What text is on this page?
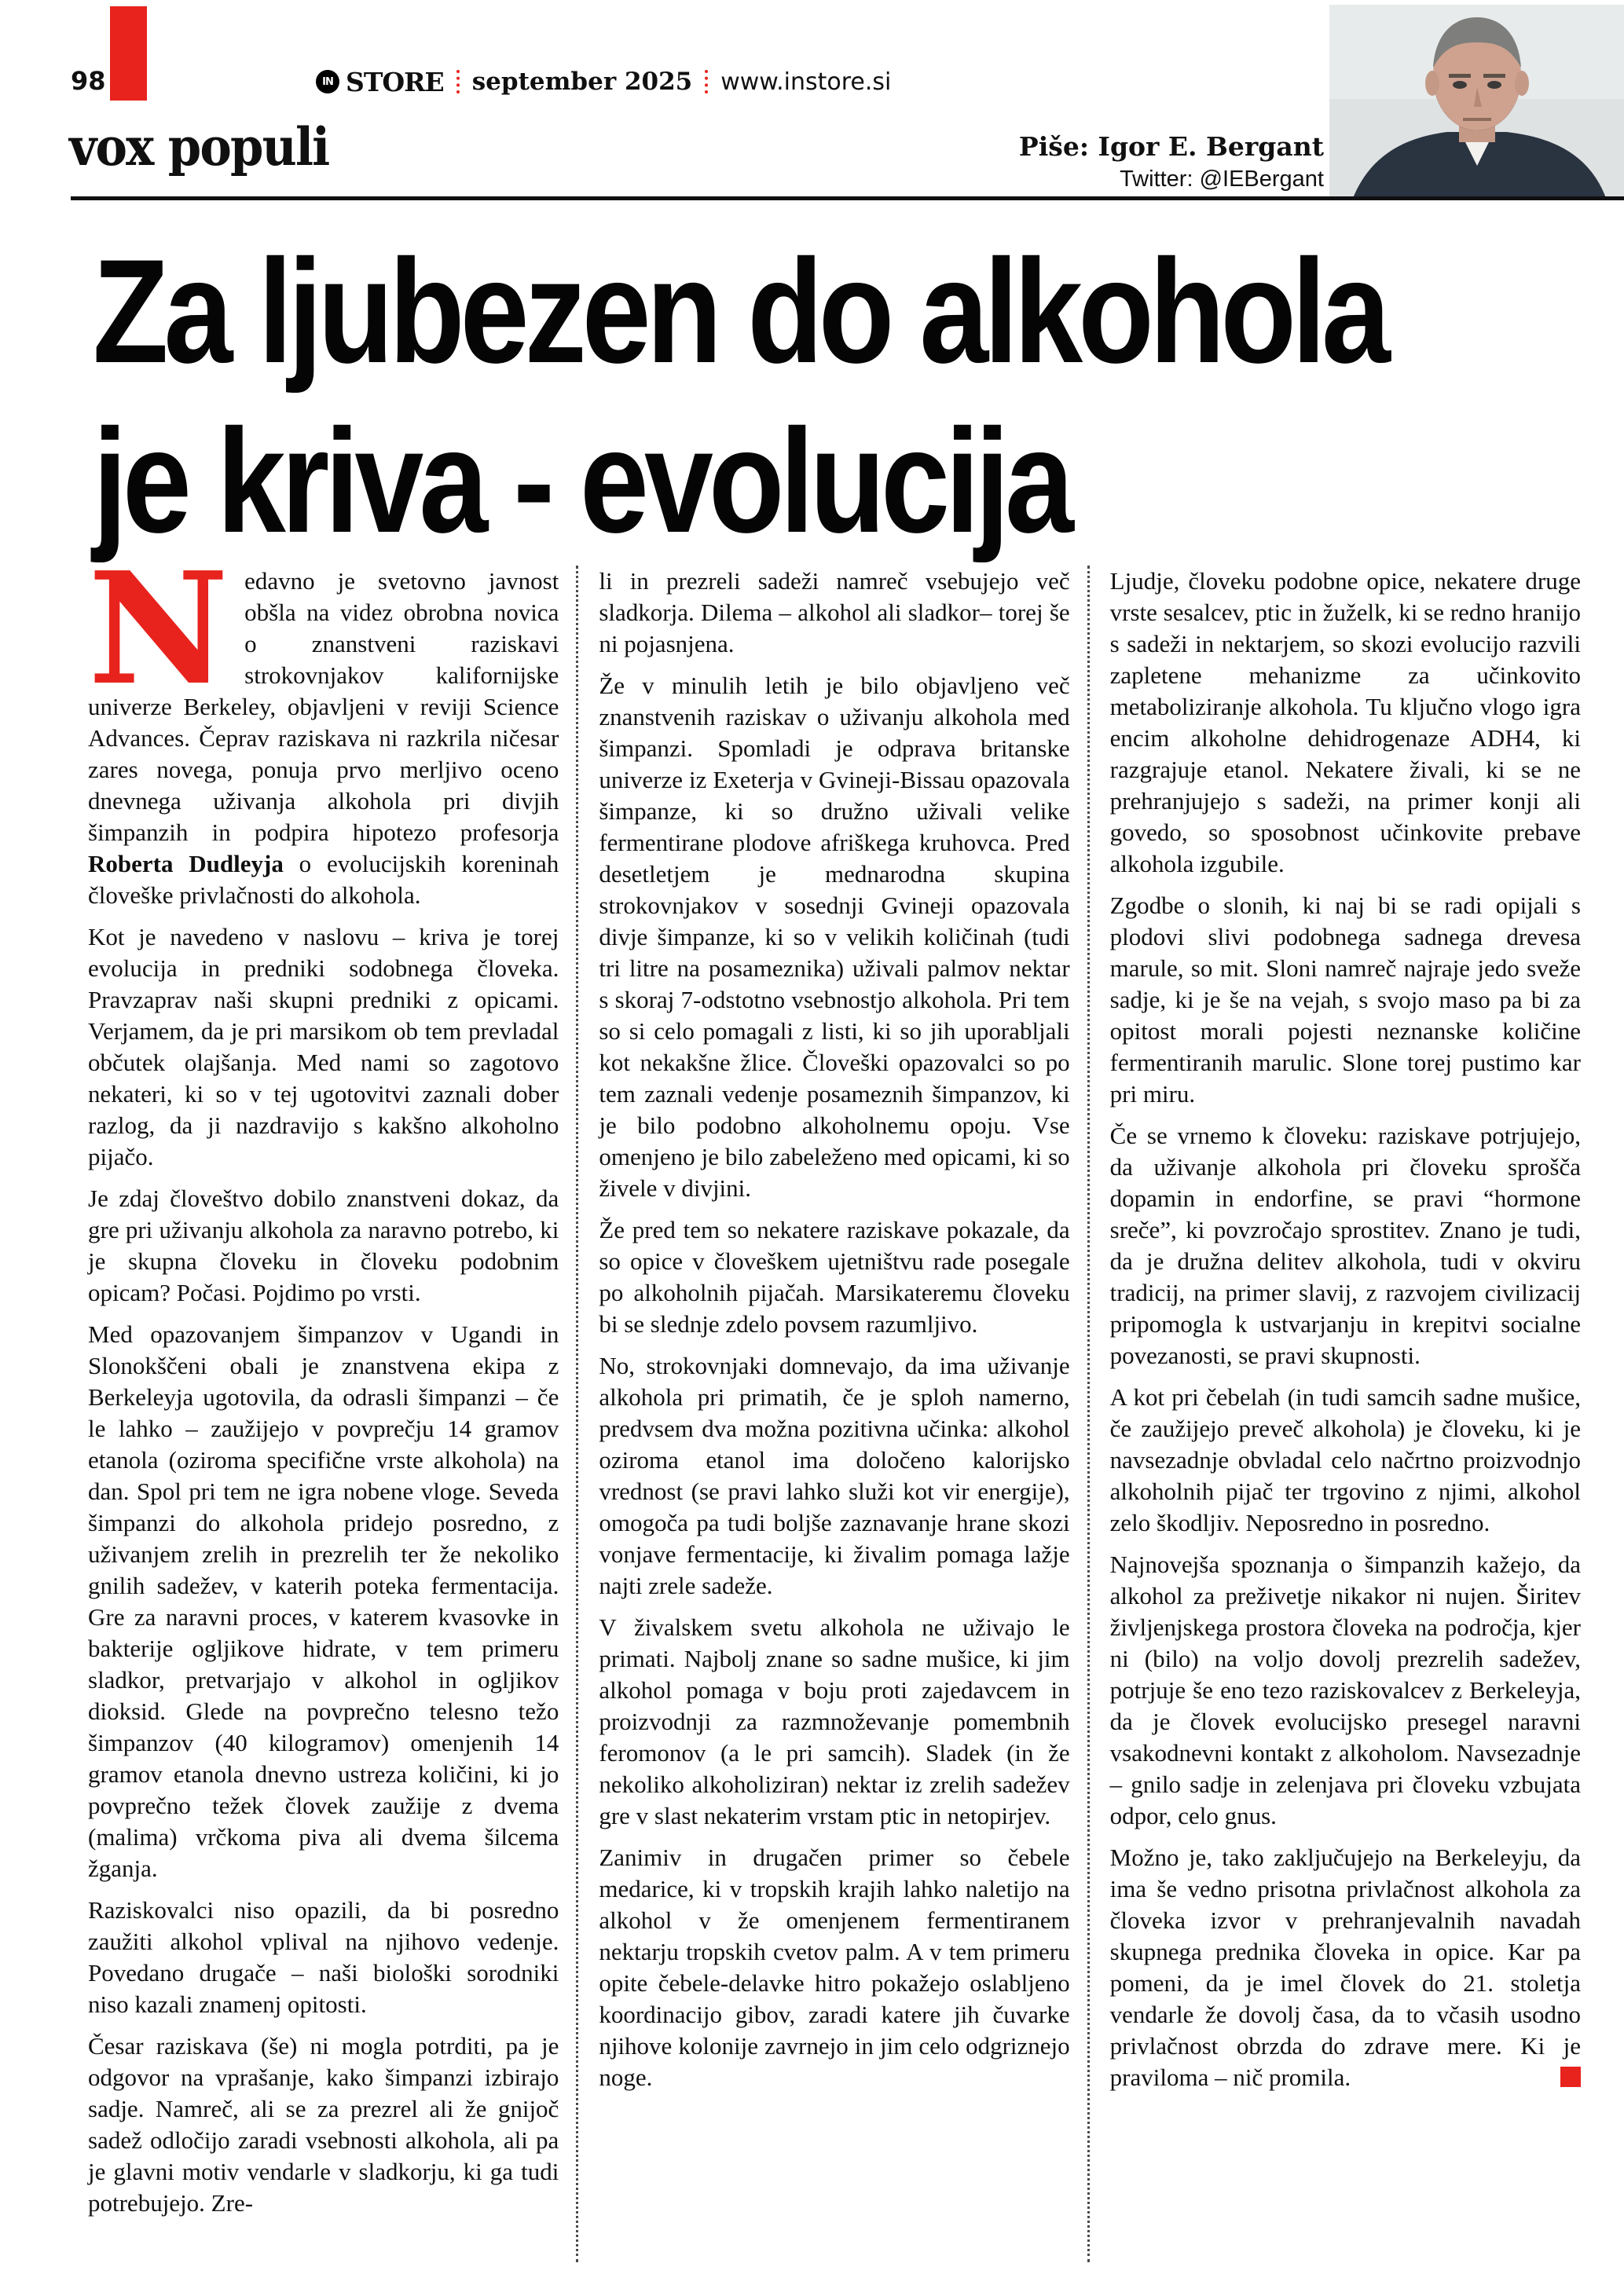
98	IN STORE september 2025 www.instore.si
vox populi	Piše: Igor E. Bergant
Twitter: @IEBergant
Za ljubezen do alkohola
je kriva - evolucija

Nedavno je svetovno javnost obšla na videz obrobna novica o znanstveni raziskavi strokovnjakov kalifornijske univerze Berkeley, objavljeni v reviji Science Advances. Čeprav raziskava ni razkrila ničesar zares novega, ponuja prvo merljivo oceno dnevnega uživanja alkohola pri divjih šimpanzih in podpira hipotezo profesorja Roberta Dudleyja o evolucijskih koreninah človeške privlačnosti do alkohola.

Kot je navedeno v naslovu – kriva je torej evolucija in predniki sodobnega človeka. Pravzaprav naši skupni predniki z opicami. Verjamem, da je pri marsikom ob tem prevladal občutek olajšanja. Med nami so zagotovo nekateri, ki so v tej ugotovitvi zaznali dober razlog, da ji nazdravijo s kakšno alkoholno pijačo.

Je zdaj človeštvo dobilo znanstveni dokaz, da gre pri uživanju alkohola za naravno potrebo, ki je skupna človeku in človeku podobnim opicam? Počasi. Pojdimo po vrsti.

Med opazovanjem šimpanzov v Ugandi in Slonokščeni obali je znanstvena ekipa z Berkeleyja ugotovila, da odrasli šimpanzi – če le lahko – zaužijejo v povprečju 14 gramov etanola (oziroma specifične vrste alkohola) na dan. Spol pri tem ne igra nobene vloge. Seveda šimpanzi do alkohola pridejo posredno, z uživanjem zrelih in prezrelih ter že nekoliko gnilih sadežev, v katerih poteka fermentacija. Gre za naravni proces, v katerem kvasovke in bakterije ogljikove hidrate, v tem primeru sladkor, pretvarjajo v alkohol in ogljikov dioksid. Glede na povprečno telesno težo šimpanzov (40 kilogramov) omenjenih 14 gramov etanola dnevno ustreza količini, ki jo povprečno težek človek zaužije z dvema (malima) vrčkoma piva ali dvema šilcema žganja.

Raziskovalci niso opazili, da bi posredno zaužiti alkohol vplival na njihovo vedenje. Povedano drugače – naši biološki sorodniki niso kazali znamenj opitosti.

Česar raziskava (še) ni mogla potrditi, pa je odgovor na vprašanje, kako šimpanzi izbirajo sadje. Namreč, ali se za prezrel ali že gnijoč sadež odločijo zaradi vsebnosti alkohola, ali pa je glavni motiv vendarle v sladkorju, ki ga tudi potrebujejo. Zre-

li in prezreli sadeži namreč vsebujejo več sladkorja. Dilema – alkohol ali sladkor– torej še ni pojasnjena.

Že v minulih letih je bilo objavljeno več znanstvenih raziskav o uživanju alkohola med šimpanzi. Spomladi je odprava britanske univerze iz Exeterja v Gvineji-Bissau opazovala šimpanze, ki so družno uživali velike fermentirane plodove afriškega kruhovca. Pred desetletjem je mednarodna skupina strokovnjakov v sosednji Gvineji opazovala divje šimpanze, ki so v velikih količinah (tudi tri litre na posameznika) uživali palmov nektar s skoraj 7-odstotno vsebnostjo alkohola. Pri tem so si celo pomagali z listi, ki so jih uporabljali kot nekakšne žlice. Človeški opazovalci so po tem zaznali vedenje posameznih šimpanzov, ki je bilo podobno alkoholnemu opoju. Vse omenjeno je bilo zabeleženo med opicami, ki so živele v divjini.

Že pred tem so nekatere raziskave pokazale, da so opice v človeškem ujetništvu rade posegale po alkoholnih pijačah. Marsikateremu človeku bi se slednje zdelo povsem razumljivo.

No, strokovnjaki domnevajo, da ima uživanje alkohola pri primatih, če je sploh namerno, predvsem dva možna pozitivna učinka: alkohol oziroma etanol ima določeno kalorijsko vrednost (se pravi lahko služi kot vir energije), omogoča pa tudi boljše zaznavanje hrane skozi vonjave fermentacije, ki živalim pomaga lažje najti zrele sadeže.

V živalskem svetu alkohola ne uživajo le primati. Najbolj znane so sadne mušice, ki jim alkohol pomaga v boju proti zajedavcem in proizvodnji za razmnoževanje pomembnih feromonov (a le pri samcih). Sladek (in že nekoliko alkoholiziran) nektar iz zrelih sadežev gre v slast nekaterim vrstam ptic in netopirjev.

Zanimiv in drugačen primer so čebele medarice, ki v tropskih krajih lahko naletijo na alkohol v že omenjenem fermentiranem nektarju tropskih cvetov palm. A v tem primeru opite čebele-delavke hitro pokažejo oslabljeno koordinacijo gibov, zaradi katere jih čuvarke njihove kolonije zavrnejo in jim celo odgriznejo noge.

Ljudje, človeku podobne opice, nekatere druge vrste sesalcev, ptic in žuželk, ki se redno hranijo s sadeži in nektarjem, so skozi evolucijo razvili zapletene mehanizme za učinkovito metaboliziranje alkohola. Tu ključno vlogo igra encim alkoholne dehidrogenaze ADH4, ki razgrajuje etanol. Nekatere živali, ki se ne prehranjujejo s sadeži, na primer konji ali govedo, so sposobnost učinkovite prebave alkohola izgubile.

Zgodbe o slonih, ki naj bi se radi opijali s plodovi slivi podobnega sadnega drevesa marule, so mit. Sloni namreč najraje jedo sveže sadje, ki je še na vejah, s svojo maso pa bi za opitost morali pojesti neznanske količine fermentiranih marulic. Slone torej pustimo kar pri miru.

Če se vrnemo k človeku: raziskave potrjujejo, da uživanje alkohola pri človeku sprošča dopamin in endorfine, se pravi “hormone sreče”, ki povzročajo sprostitev. Znano je tudi, da je družna delitev alkohola, tudi v okviru tradicij, na primer slavij, z razvojem civilizacij pripomogla k ustvarjanju in krepitvi socialne povezanosti, se pravi skupnosti.

A kot pri čebelah (in tudi samcih sadne mušice, če zaužijejo preveč alkohola) je človeku, ki je navsezadnje obvladal celo načrtno proizvodnjo alkoholnih pijač ter trgovino z njimi, alkohol zelo škodljiv. Neposredno in posredno.

Najnovejša spoznanja o šimpanzih kažejo, da alkohol za preživetje nikakor ni nujen. Širitev življenjskega prostora človeka na področja, kjer ni (bilo) na voljo dovolj prezrelih sadežev, potrjuje še eno tezo raziskovalcev z Berkeleyja, da je človek evolucijsko presegel naravni vsakodnevni kontakt z alkoholom. Navsezadnje – gnilo sadje in zelenjava pri človeku vzbujata odpor, celo gnus.

Možno je, tako zaključujejo na Berkeleyju, da ima še vedno prisotna privlačnost alkohola za človeka izvor v prehranjevalnih navadah skupnega prednika človeka in opice. Kar pa pomeni, da je imel človek do 21. stoletja vendarle že dovolj časa, da to včasih usodno privlačnost obrzda do zdrave mere. Ki je praviloma – nič promila.
